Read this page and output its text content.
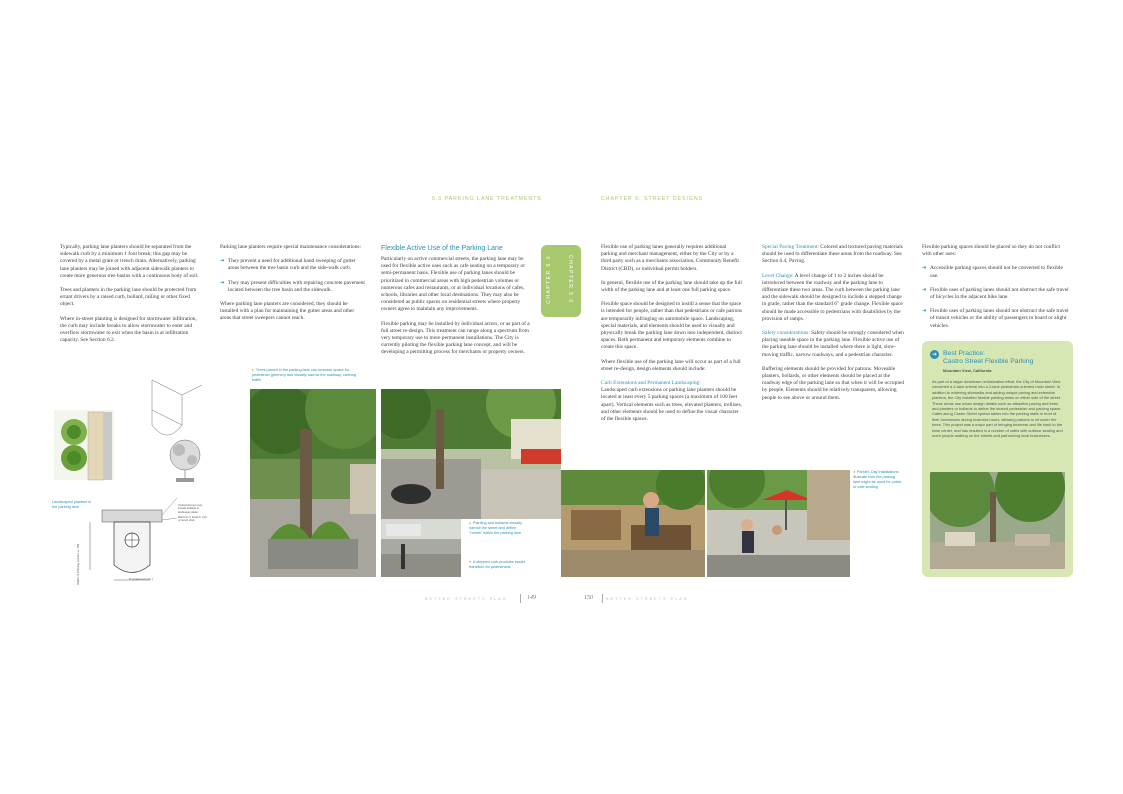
5.0 PARKING LANE TREATMENTS	CHAPTER 5: STREET DESIGNS

Typically, parking lane planters should be separated from the sidewalk curb by a minimum 1 foot break; this gap may be covered by a metal grate or trench drain. Alternatively, parking lane planters may be joined with adjacent sidewalk planters to create more generous tree basins with a continuous body of soil.

Trees and planters in the parking lane should be protected from errant drivers by a raised curb, bollard, railing or other fixed object.

Where in-street planting is designed for stormwater infiltration, the curb may include breaks to allow stormwater to enter and overflow stormwater to exit when the basin is at infiltration capacity. See Section 6.2.

Landscaped planters in the parking lane
Width of Parking (varies +/- 8ft)	8' (preferred min.)
Vertical element may include bollards or landscape planter
Minimum 1' break in curb or trench drain

Parking lane planters require special maintenance considerations:

➔ They prevent a need for additional hand sweeping of gutter areas between the tree basin curb and the side-walk curb.
➔ They may present difficulties with repairing concrete pavement located between the tree basin and the sidewalk.

Where parking lane planters are considered, they should be installed with a plan for maintaining the gutter areas and other areas that street sweepers cannot reach.

▸ Trees placed in the parking lane can increase space for pedestrian greenery and visually narrow the roadway, calming traffic
Flexible Active Use of the Parking Lane

Particularly on active commercial streets, the parking lane may be used for flexible active uses such as cafe seating on a temporary or semi-permanent basis. Flexible use of parking lanes should be prioritized in commercial areas with high pedestrian volumes or numerous cafes and restaurants, or at individual locations of cafes, schools, libraries and other local destinations. They may also be considered as public spaces on residential streets where property owners agree to maintain any improvements.

Flexible parking may be installed by individual actors, or as part of a full street re-design. This treatment can range along a spectrum from very temporary use to more permanent installations. The City is currently piloting the flexible parking lane concept, and will be developing a permitting process for merchants or property owners.

▴ Planting and bollards visually narrow the street and define "rooms" within the parking lane
▾ A stepped curb provides easier transition for pedestrians
CHAPTER 5.0	CHAPTER 5.0

Flexible use of parking lanes generally requires additional parking and merchant management, either by the City or by a third party such as a merchants association, Community Benefit District (CBD), or individual permit holders.

In general, flexible use of the parking lane should take up the full width of the parking lane and at least one full parking space.

Flexible space should be designed to instill a sense that the space is intended for people, rather than that pedestrians or cafe patrons are temporarily infringing on automobile space. Landscaping, special materials, and elements should be used to visually and physically break the parking lane down into independent, distinct spaces. Both permanent and temporary elements combine to create this space.

Where flexible use of the parking lane will occur as part of a full street re-design, design elements should include:

Curb Extensions and Permanent Landscaping:
Landscaped curb extensions or parking lane planters should be located at least every 5 parking spaces (a maximum of 100 feet apart). Vertical elements such as trees, elevated planters, trellises, and other elements should be used to define the visual character of the flexible spaces.

Special Paving Treatment: Colored and textured paving materials should be used to differentiate these areas from the roadway. See Section 6.4, Paving.

Level Change: A level change of 1 to 2 inches should be introduced between the roadway and the parking lane to differentiate these two areas. The curb between the parking lane and the sidewalk should be designed to include a stepped change in grade, rather than the standard 6" grade change. Flexible space should be made accessible to pedestrians with disabilities by the provision of ramps.

Safety considerations: Safety should be strongly considered when placing useable space in the parking lane. Flexible active use of the parking lane should be installed where there is light, slow-moving traffic, narrow roadways, and a pedestrian character.

Buffering elements should be provided for patrons. Moveable planters, bollards, or other elements should be placed at the roadway edge of the parking lane so that when it will be occupied by people. Elements should be relatively transparent, allowing people to see above or around them.

◂ Parklet: Day installations illustrate how the parking lane might be used for public or cafe seating

Flexible parking spaces should be placed so they do not conflict with other uses:

➔ Accessible parking spaces should not be converted to flexible use.
➔ Flexible uses of parking lanes should not obstruct the safe travel of bicycles in the adjacent bike lane.
➔ Flexible uses of parking lanes should not obstruct the safe travel of transit vehicles or the ability of passengers to board or alight vehicles.
➔ Best Practice:
Castro Street Flexible Parking
Mountain View, California
As part of a larger downtown revitalization effort, the City of Mountain View converted a 4-lane arterial into a 2-lane pedestrian-oriented main street. In addition to widening sidewalks and adding unique paving and extensive planters, the City installed flexible parking lanes on either side of the street. These areas use urban design details such as attractive paving and trees and planters or bollards to define the shared pedestrian and parking space. Cafes along Castro Street spread tables into the parking stalls in front of their businesses during business hours, allowing patrons to sit under the trees. This project was a major part of bringing business and life back to the town center, and has resulted in a number of cafes with outdoor seating and more people walking on the streets and patronizing local businesses.
BETTER STREETS PLAN	149	150	BETTER STREETS PLAN
